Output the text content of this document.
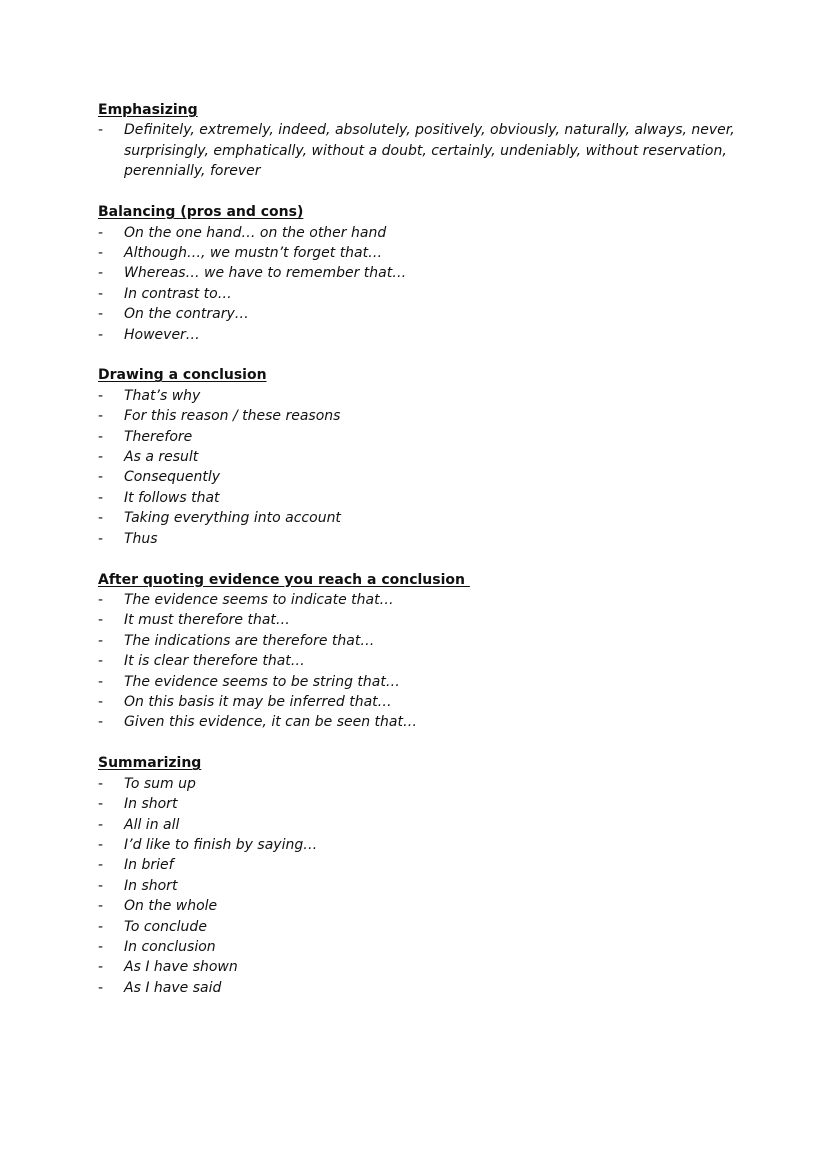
Emphasizing
- Definitely, extremely, indeed, absolutely, positively, obviously, naturally, always, never, surprisingly, emphatically, without a doubt, certainly, undeniably, without reservation, perennially, forever
Balancing (pros and cons)
- On the one hand… on the other hand
- Although…, we mustn’t forget that…
- Whereas… we have to remember that…
- In contrast to…
- On the contrary…
- However…
Drawing a conclusion
- That’s why
- For this reason / these reasons
- Therefore
- As a result
- Consequently
- It follows that
- Taking everything into account
- Thus
After quoting evidence you reach a conclusion
- The evidence seems to indicate that…
- It must therefore that…
- The indications are therefore that…
- It is clear therefore that…
- The evidence seems to be string that…
- On this basis it may be inferred that…
- Given this evidence, it can be seen that…
Summarizing
- To sum up
- In short
- All in all
- I’d like to finish by saying…
- In brief
- In short
- On the whole
- To conclude
- In conclusion
- As I have shown
- As I have said
